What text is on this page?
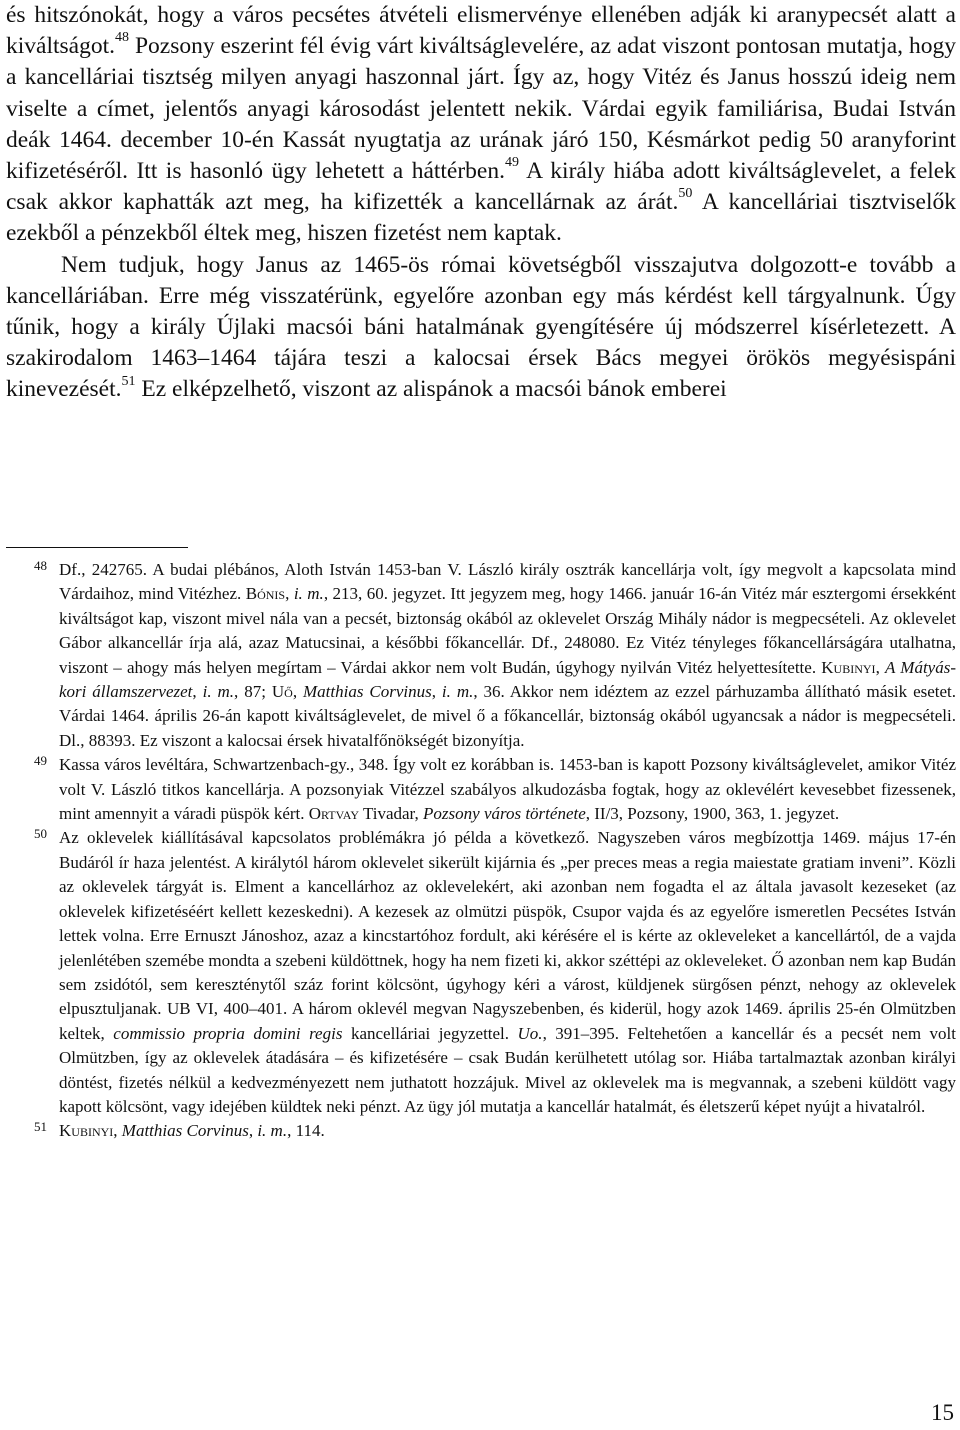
és hitszónokát, hogy a város pecsétes átvételi elismervénye ellenében adják ki aranypecsét alatt a kiváltságot.$^{48}$ Pozsony eszerint fél évig várt kiváltságlevelére, az adat viszont pontosan mutatja, hogy a kancelláriai tisztség milyen anyagi haszonnal járt. Így az, hogy Vitéz és Janus hosszú ideig nem viselte a címet, jelentős anyagi károsodást jelentett nekik. Várdai egyik familiárisa, Budai István deák 1464. december 10-én Kassát nyugtatja az urának járó 150, Késmárkot pedig 50 aranyforint kifizetéséről. Itt is hasonló ügy lehetett a háttérben.$^{49}$ A király hiába adott kiváltságlevelet, a felek csak akkor kaphatták azt meg, ha kifizették a kancellárnak az árát.$^{50}$ A kancelláriai tisztviselők ezekből a pénzekből éltek meg, hiszen fizetést nem kaptak.

Nem tudjuk, hogy Janus az 1465-ös római követségből visszajutva dolgozott-e tovább a kancelláriában. Erre még visszatérünk, egyelőre azonban egy más kérdést kell tárgyalnunk. Úgy tűnik, hogy a király Újlaki macsói báni hatalmának gyengítésére új módszerrel kísérletezett. A szakirodalom 1463–1464 tájára teszi a kalocsai érsek Bács megyei örökös megyésispáni kinevezését.$^{51}$ Ez elképzelhető, viszont az alispánok a macsói bánok emberei

48 Df., 242765. A budai plébános, Aloth István 1453-ban V. László király osztrák kancellárja volt, így megvolt a kapcsolata mind Várdaihoz, mind Vitézhez. Bónis, i. m., 213, 60. jegyzet. Itt jegyzem meg, hogy 1466. január 16-án Vitéz már esztergomi érsekként kiváltságot kap, viszont mivel nála van a pecsét, biztonság okából az oklevelet Ország Mihály nádor is megpecsételi. Az oklevelet Gábor alkancellár írja alá, azaz Matucsinai, a későbbi főkancellár. Df., 248080. Ez Vitéz tényleges főkancellárságára utalhatna, viszont – ahogy más helyen megírtam – Várdai akkor nem volt Budán, úgyhogy nyilván Vitéz helyettesítette. Kubinyi, A Mátyás-kori államszervezet, i. m., 87; Uő, Matthias Corvinus, i. m., 36. Akkor nem idéztem az ezzel párhuzamba állítható másik esetet. Várdai 1464. április 26-án kapott kiváltságlevelet, de mivel ő a főkancellár, biztonság okából ugyancsak a nádor is megpecsételi. Dl., 88393. Ez viszont a kalocsai érsek hivatalfőnökségét bizonyítja.

49 Kassa város levéltára, Schwartzenbach-gy., 348. Így volt ez korábban is. 1453-ban is kapott Pozsony kiváltságlevelet, amikor Vitéz volt V. László titkos kancellárja. A pozsonyiak Vitézzel szabályos alkudozásba fogtak, hogy az oklevélért kevesebbet fizessenek, mint amennyit a váradi püspök kért. Ortvay Tivadar, Pozsony város története, II/3, Pozsony, 1900, 363, 1. jegyzet.

50 Az oklevelek kiállításával kapcsolatos problémákra jó példa a következő. Nagyszeben város megbízottja 1469. május 17-én Budáról ír haza jelentést. A királytól három oklevelet sikerült kijárnia és „per preces meas a regia maiestate gratiam inveni”. Közli az oklevelek tárgyát is. Elment a kancellárhoz az oklevelekért, aki azonban nem fogadta el az általa javasolt kezeseket (az oklevelek kifizetéséért kellett kezeskedni). A kezesek az olmützi püspök, Csupor vajda és az egyelőre ismeretlen Pecsétes István lettek volna. Erre Ernuszt Jánoshoz, azaz a kincstartóhoz fordult, aki kérésére el is kérte az okleveleket a kancellártól, de a vajda jelenlétében szemébe mondta a szebeni küldöttnek, hogy ha nem fizeti ki, akkor széttépi az okleveleket. Ő azonban nem kap Budán sem zsidótól, sem kereszténytől száz forint kölcsönt, úgyhogy kéri a várost, küldjenek sürgősen pénzt, nehogy az oklevelek elpusztuljanak. UB VI, 400–401. A három oklevél megvan Nagyszebenben, és kiderül, hogy azok 1469. április 25-én Olmützben keltek, commissio propria domini regis kancelláriai jegyzettel. Uo., 391–395. Feltehetően a kancellár és a pecsét nem volt Olmützben, így az oklevelek átadására – és kifizetésére – csak Budán kerülhetett utólag sor. Hiába tartalmaztak azonban királyi döntést, fizetés nélkül a kedvezményezett nem juthatott hozzájuk. Mivel az oklevelek ma is megvannak, a szebeni küldött vagy kapott kölcsönt, vagy idejében küldtek neki pénzt. Az ügy jól mutatja a kancellár hatalmát, és életszerű képet nyújt a hivatalról.

51 Kubinyi, Matthias Corvinus, i. m., 114.

15
